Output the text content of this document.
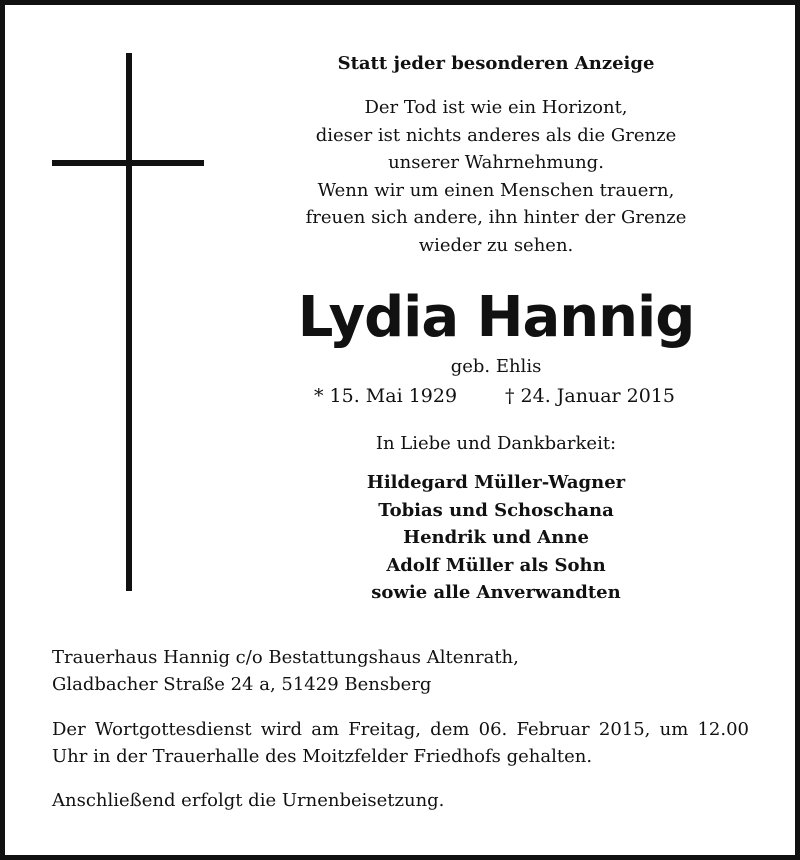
Statt jeder besonderen Anzeige
Der Tod ist wie ein Horizont,
dieser ist nichts anderes als die Grenze
unserer Wahrnehmung.
Wenn wir um einen Menschen trauern,
freuen sich andere, ihn hinter der Grenze
wieder zu sehen.
Lydia Hannig
geb. Ehlis
* 15. Mai 1929	† 24. Januar 2015
In Liebe und Dankbarkeit:
Hildegard Müller-Wagner
Tobias und Schoschana
Hendrik und Anne
Adolf Müller als Sohn
sowie alle Anverwandten
Trauerhaus Hannig c/o Bestattungshaus Altenrath,
Gladbacher Straße 24 a, 51429 Bensberg
Der Wortgottesdienst wird am Freitag, dem 06. Februar 2015, um 12.00 Uhr in der Trauerhalle des Moitzfelder Friedhofs gehalten.
Anschließend erfolgt die Urnenbeisetzung.
